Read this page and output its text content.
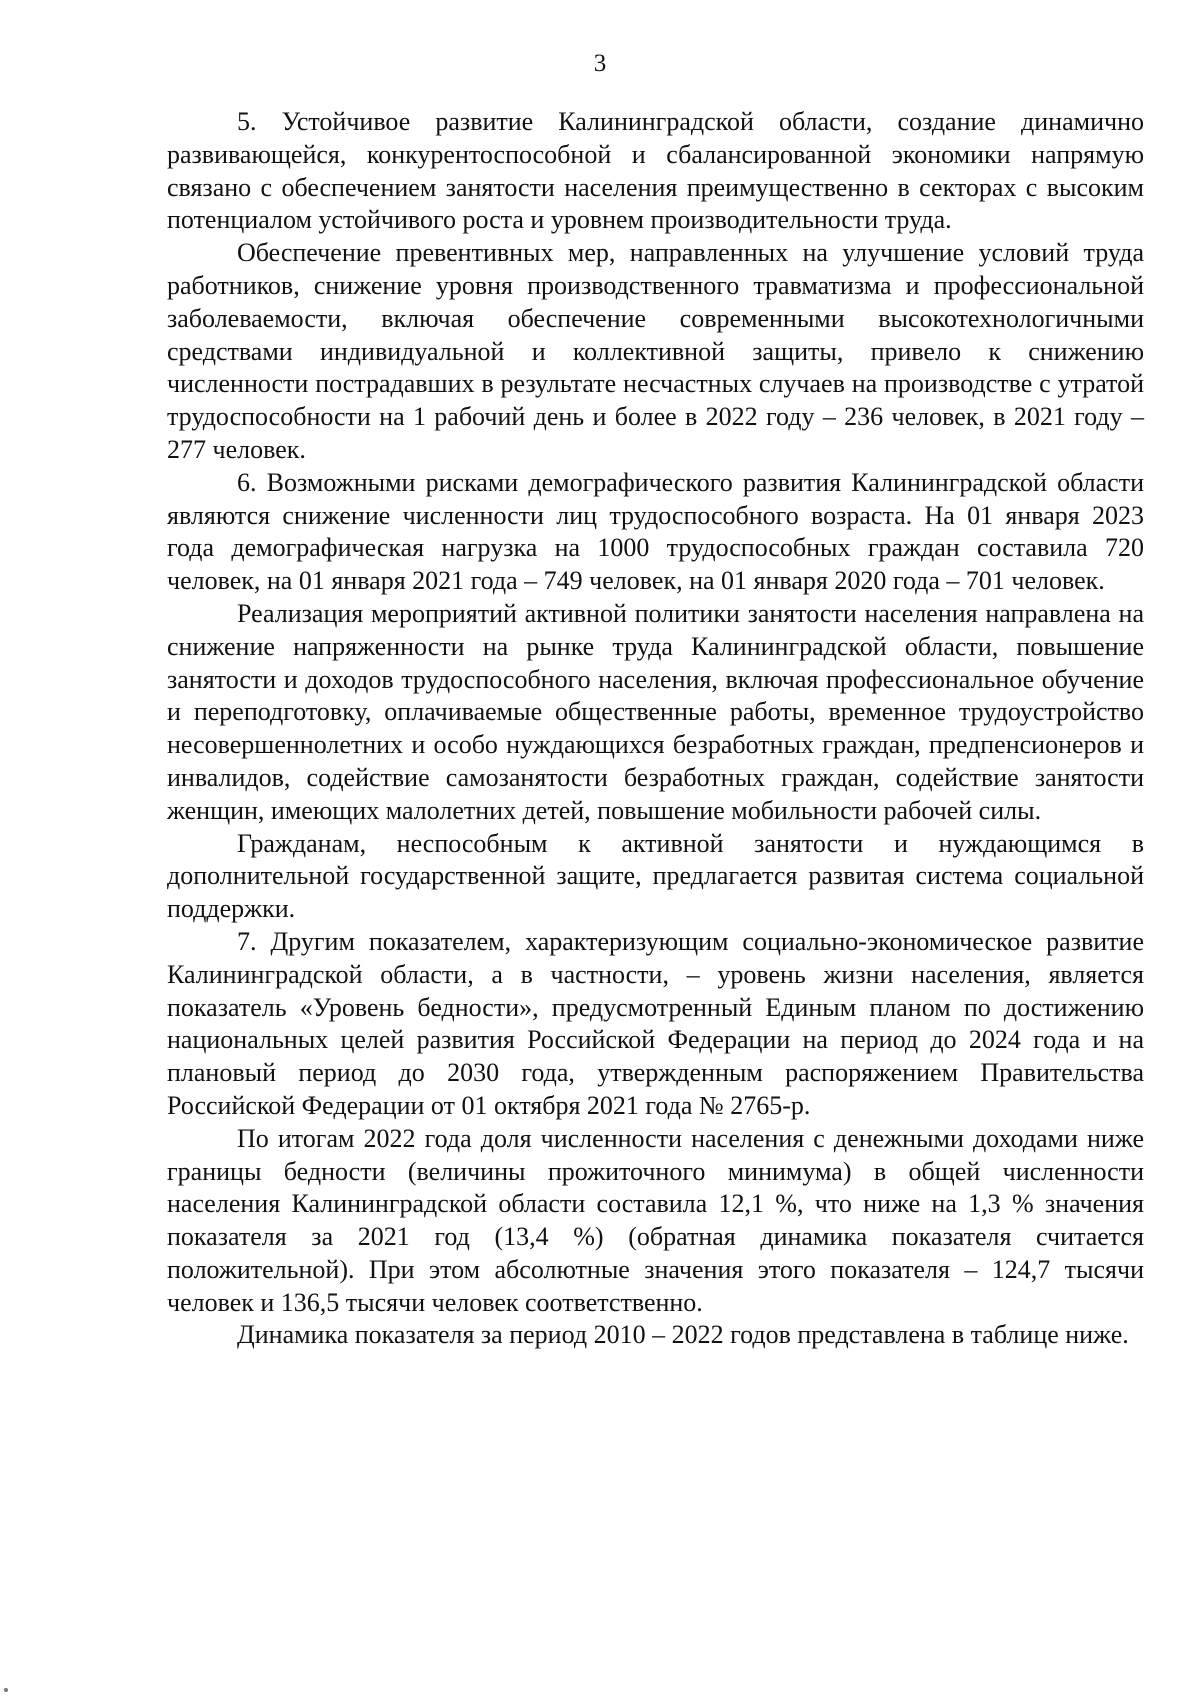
3

5. Устойчивое развитие Калининградской области, создание динамично развивающейся, конкурентоспособной и сбалансированной экономики напрямую связано с обеспечением занятости населения преимущественно в секторах с высоким потенциалом устойчивого роста и уровнем производительности труда.

Обеспечение превентивных мер, направленных на улучшение условий труда работников, снижение уровня производственного травматизма и профессиональной заболеваемости, включая обеспечение современными высокотехнологичными средствами индивидуальной и коллективной защиты, привело к снижению численности пострадавших в результате несчастных случаев на производстве с утратой трудоспособности на 1 рабочий день и более в 2022 году – 236 человек, в 2021 году – 277 человек.

6. Возможными рисками демографического развития Калининградской области являются снижение численности лиц трудоспособного возраста. На 01 января 2023 года демографическая нагрузка на 1000 трудоспособных граждан составила 720 человек, на 01 января 2021 года – 749 человек, на 01 января 2020 года – 701 человек.

Реализация мероприятий активной политики занятости населения направлена на снижение напряженности на рынке труда Калининградской области, повышение занятости и доходов трудоспособного населения, включая профессиональное обучение и переподготовку, оплачиваемые общественные работы, временное трудоустройство несовершеннолетних и особо нуждающихся безработных граждан, предпенсионеров и инвалидов, содействие самозанятости безработных граждан, содействие занятости женщин, имеющих малолетних детей, повышение мобильности рабочей силы.

Гражданам, неспособным к активной занятости и нуждающимся в дополнительной государственной защите, предлагается развитая система социальной поддержки.

7. Другим показателем, характеризующим социально-экономическое развитие Калининградской области, а в частности, – уровень жизни населения, является показатель «Уровень бедности», предусмотренный Единым планом по достижению национальных целей развития Российской Федерации на период до 2024 года и на плановый период до 2030 года, утвержденным распоряжением Правительства Российской Федерации от 01 октября 2021 года № 2765-р.

По итогам 2022 года доля численности населения с денежными доходами ниже границы бедности (величины прожиточного минимума) в общей численности населения Калининградской области составила 12,1 %, что ниже на 1,3 % значения показателя за 2021 год (13,4 %) (обратная динамика показателя считается положительной). При этом абсолютные значения этого показателя – 124,7 тысячи человек и 136,5 тысячи человек соответственно.

Динамика показателя за период 2010 – 2022 годов представлена в таблице ниже.
